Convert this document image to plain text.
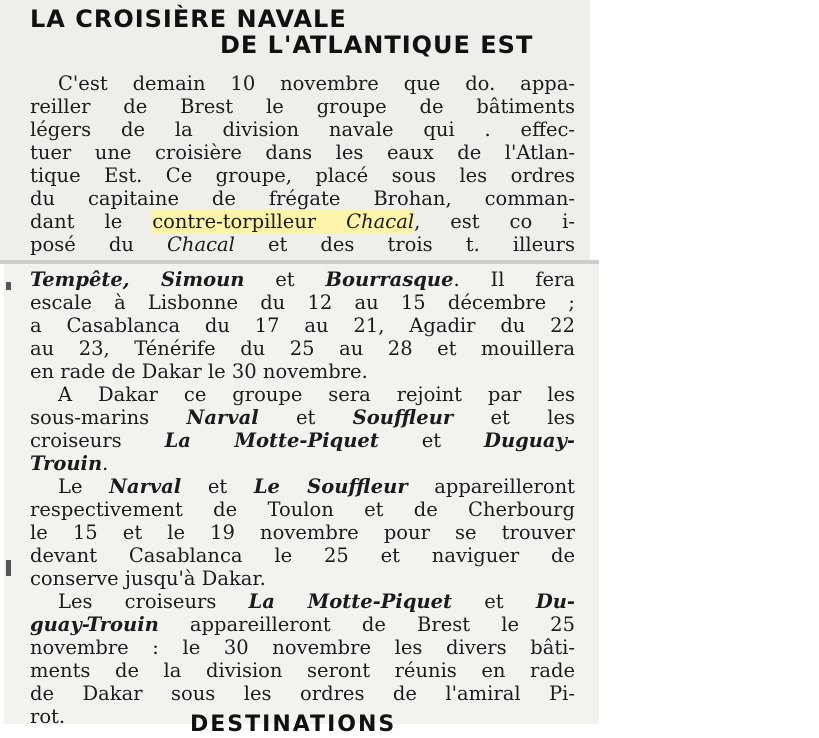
LA CROISIÈRE NAVALE
DE L'ATLANTIQUE EST
C'est demain 10 novembre que do. appa-
reiller de Brest le groupe de bâtiments
légers de la division navale qui . effec-
tuer une croisière dans les eaux de l'Atlan-
tique Est. Ce groupe, placé sous les ordres
du capitaine de frégate Brohan, comman-
dant le contre-torpilleur Chacal, est co i-
posé du Chacal et des trois t. illeurs
Tempête, Simoun et Bourrasque. Il fera
escale à Lisbonne du 12 au 15 décembre ;
a Casablanca du 17 au 21, Agadir du 22
au 23, Ténérife du 25 au 28 et mouillera
en rade de Dakar le 30 novembre.
A Dakar ce groupe sera rejoint par les
sous-marins Narval et Souffleur et les
croiseurs La Motte-Piquet et Duguay-
Trouin.
Le Narval et Le Souffleur appareilleront
respectivement de Toulon et de Cherbourg
le 15 et le 19 novembre pour se trouver
devant Casablanca le 25 et naviguer de
conserve jusqu'à Dakar.
Les croiseurs La Motte-Piquet et Du-
guay-Trouin appareilleront de Brest le 25
novembre : le 30 novembre les divers bâti-
ments de la division seront réunis en rade
de Dakar sous les ordres de l'amiral Pi-
rot.	DESTINATIONS
